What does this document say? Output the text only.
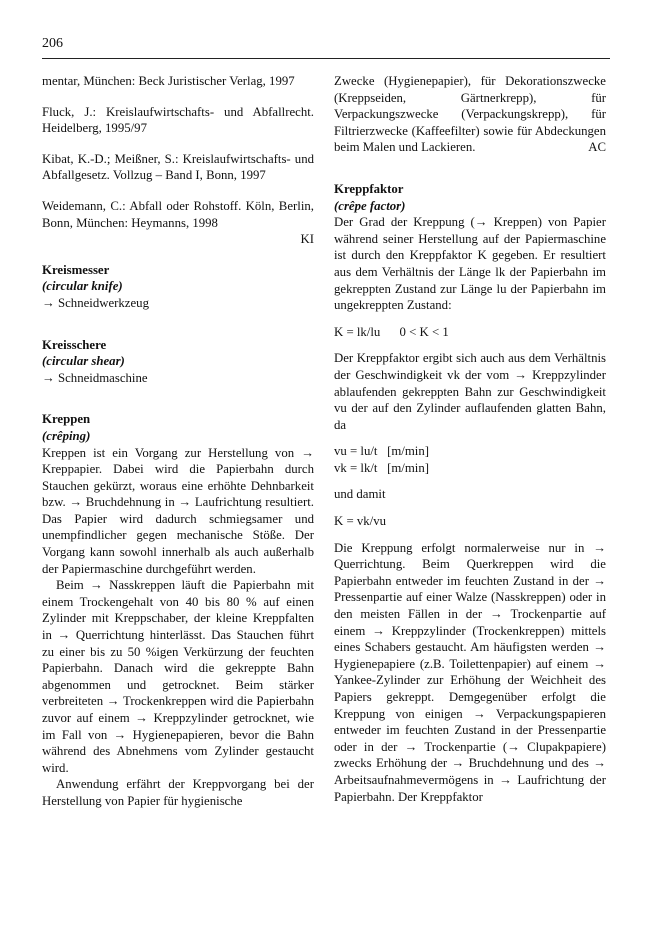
206

mentar, München: Beck Juristischer Verlag, 1997

Fluck, J.: Kreislaufwirtschafts- und Abfallrecht. Heidelberg, 1995/97

Kibat, K.-D.; Meißner, S.: Kreislaufwirtschafts- und Abfallgesetz. Vollzug – Band I, Bonn, 1997

Weidemann, C.: Abfall oder Rohstoff. Köln, Berlin, Bonn, München: Heymanns, 1998

KI

Kreismesser

(circular knife)

→ Schneidwerkzeug

Kreisschere

(circular shear)

→ Schneidmaschine

Kreppen

(crêping)

Kreppen ist ein Vorgang zur Herstellung von → Kreppapier. Dabei wird die Papierbahn durch Stauchen gekürzt, woraus eine erhöhte Dehnbarkeit bzw. → Bruchdehnung in → Laufrichtung resultiert. Das Papier wird dadurch schmiegsamer und unempfindlicher gegen mechanische Stöße. Der Vorgang kann sowohl innerhalb als auch außerhalb der Papiermaschine durchgeführt werden.

Beim → Nasskreppen läuft die Papierbahn mit einem Trockengehalt von 40 bis 80 % auf einen Zylinder mit Kreppschaber, der kleine Kreppfalten in → Querrichtung hinterlässt. Das Stauchen führt zu einer bis zu 50 %igen Verkürzung der feuchten Papierbahn. Danach wird die gekreppte Bahn abgenommen und getrocknet. Beim stärker verbreiteten → Trockenkreppen wird die Papierbahn zuvor auf einem → Kreppzylinder getrocknet, wie im Fall von → Hygienepapieren, bevor die Bahn während des Abnehmens vom Zylinder gestaucht wird.

Anwendung erfährt der Kreppvorgang bei der Herstellung von Papier für hygienische

Zwecke (Hygienepapier), für Dekorationszwecke (Kreppseiden, Gärtnerkrepp), für Verpackungszwecke (Verpackungskrepp), für Filtrierzwecke (Kaffeefilter) sowie für Abdeckungen beim Malen und Lackieren.	AC

Kreppfaktor

(crêpe factor)

Der Grad der Kreppung (→ Kreppen) von Papier während seiner Herstellung auf der Papiermaschine ist durch den Kreppfaktor K gegeben. Er resultiert aus dem Verhältnis der Länge lk der Papierbahn im gekreppten Zustand zur Länge lu der Papierbahn im ungekreppten Zustand:

K = lk/lu      0 < K < 1

Der Kreppfaktor ergibt sich auch aus dem Verhältnis der Geschwindigkeit vk der vom → Kreppzylinder ablaufenden gekreppten Bahn zur Geschwindigkeit vu der auf den Zylinder auflaufenden glatten Bahn, da

vu = lu/t   [m/min]

vk = lk/t   [m/min]

und damit

K = vk/vu

Die Kreppung erfolgt normalerweise nur in → Querrichtung. Beim Querkreppen wird die Papierbahn entweder im feuchten Zustand in der → Pressenpartie auf einer Walze (Nasskreppen) oder in den meisten Fällen in der → Trockenpartie auf einem → Kreppzylinder (Trockenkreppen) mittels eines Schabers gestaucht. Am häufigsten werden → Hygienepapiere (z.B. Toilettenpapier) auf einem → Yankee-Zylinder zur Erhöhung der Weichheit des Papiers gekreppt. Demgegenüber erfolgt die Kreppung von einigen → Verpackungspapieren entweder im feuchten Zustand in der Pressenpartie oder in der → Trockenpartie (→ Clupakpapiere) zwecks Erhöhung der → Bruchdehnung und des → Arbeitsaufnahmevermögens in → Laufrichtung der Papierbahn. Der Kreppfaktor
